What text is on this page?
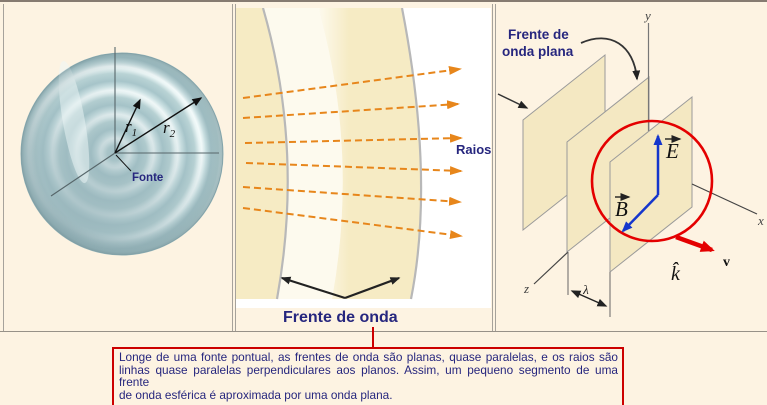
$r_1$ $r_2$
Fonte
Raios
Frente de onda
y
x
z	λ
E
B
k̂
v
Frente de
onda plana
Longe de uma fonte pontual, as frentes de onda são planas, quase paralelas, e os raios são
linhas quase paralelas perpendiculares aos planos. Assim, um pequeno segmento de uma frente
de onda esférica é aproximada por uma onda plana.
